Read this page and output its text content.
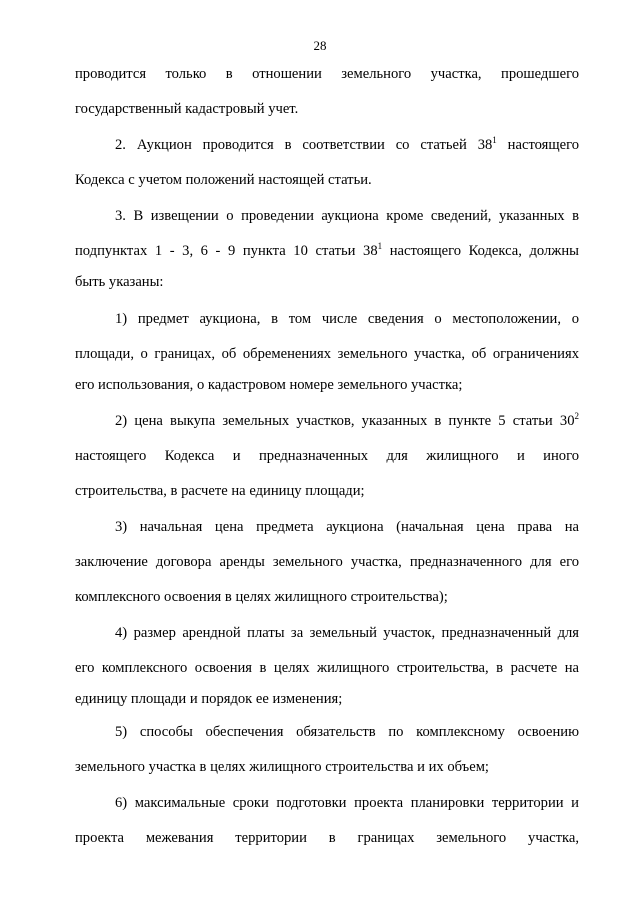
28
проводится только в отношении земельного участка, прошедшего
государственный кадастровый учет.
2. Аукцион проводится в соответствии со статьей $38^1$ настоящего
Кодекса с учетом положений настоящей статьи.
3. В извещении о проведении аукциона кроме сведений, указанных в
подпунктах 1 - 3, 6 - 9 пункта 10 статьи $38^1$ настоящего Кодекса, должны
быть указаны:
1) предмет аукциона, в том числе сведения о местоположении, о
площади, о границах, об обременениях земельного участка, об ограничениях
его использования, о кадастровом номере земельного участка;
2) цена выкупа земельных участков, указанных в пункте 5 статьи $30^2$
настоящего Кодекса и предназначенных для жилищного и иного
строительства, в расчете на единицу площади;
3) начальная цена предмета аукциона (начальная цена права на
заключение договора аренды земельного участка, предназначенного для его
комплексного освоения в целях жилищного строительства);
4) размер арендной платы за земельный участок, предназначенный для
его комплексного освоения в целях жилищного строительства, в расчете на
единицу площади и порядок ее изменения;
5) способы обеспечения обязательств по комплексному освоению
земельного участка в целях жилищного строительства и их объем;
6) максимальные сроки подготовки проекта планировки территории и
проекта межевания территории в границах земельного участка,
